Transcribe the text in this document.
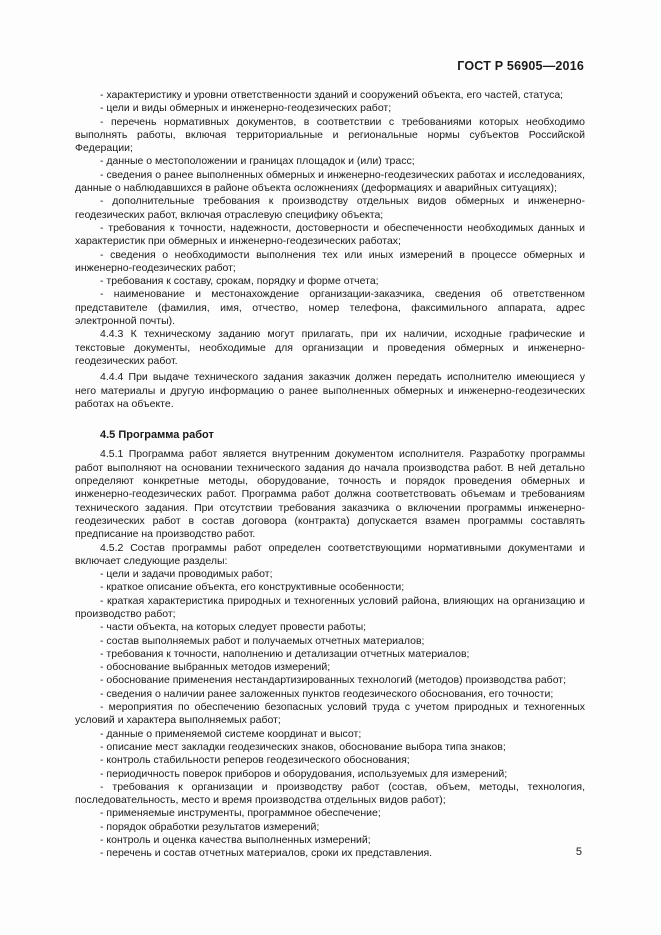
ГОСТ Р 56905—2016

- характеристику и уровни ответственности зданий и сооружений объекта, его частей, статуса;

- цели и виды обмерных и инженерно-геодезических работ;

- перечень нормативных документов, в соответствии с требованиями которых необходимо выполнять работы, включая территориальные и региональные нормы субъектов Российской Федерации;

- данные о местоположении и границах площадок и (или) трасс;

- сведения о ранее выполненных обмерных и инженерно-геодезических работах и исследованиях, данные о наблюдавшихся в районе объекта осложнениях (деформациях и аварийных ситуациях);

- дополнительные требования к производству отдельных видов обмерных и инженерно-геодезических работ, включая отраслевую специфику объекта;

- требования к точности, надежности, достоверности и обеспеченности необходимых данных и характеристик при обмерных и инженерно-геодезических работах;

- сведения о необходимости выполнения тех или иных измерений в процессе обмерных и инженерно-геодезических работ;

- требования к составу, срокам, порядку и форме отчета;

- наименование и местонахождение организации-заказчика, сведения об ответственном представителе (фамилия, имя, отчество, номер телефона, факсимильного аппарата, адрес электронной почты).

4.4.3 К техническому заданию могут прилагать, при их наличии, исходные графические и текстовые документы, необходимые для организации и проведения обмерных и инженерно-геодезических работ.

4.4.4 При выдаче технического задания заказчик должен передать исполнителю имеющиеся у него материалы и другую информацию о ранее выполненных обмерных и инженерно-геодезических работах на объекте.

4.5 Программа работ

4.5.1 Программа работ является внутренним документом исполнителя. Разработку программы работ выполняют на основании технического задания до начала производства работ. В ней детально определяют конкретные методы, оборудование, точность и порядок проведения обмерных и инженерно-геодезических работ. Программа работ должна соответствовать объемам и требованиям технического задания. При отсутствии требования заказчика о включении программы инженерно-геодезических работ в состав договора (контракта) допускается взамен программы составлять предписание на производство работ.

4.5.2 Состав программы работ определен соответствующими нормативными документами и включает следующие разделы:

- цели и задачи проводимых работ;

- краткое описание объекта, его конструктивные особенности;

- краткая характеристика природных и техногенных условий района, влияющих на организацию и производство работ;

- части объекта, на которых следует провести работы;

- состав выполняемых работ и получаемых отчетных материалов;

- требования к точности, наполнению и детализации отчетных материалов;

- обоснование выбранных методов измерений;

- обоснование применения нестандартизированных технологий (методов) производства работ;

- сведения о наличии ранее заложенных пунктов геодезического обоснования, его точности;

- мероприятия по обеспечению безопасных условий труда с учетом природных и техногенных условий и характера выполняемых работ;

- данные о применяемой системе координат и высот;

- описание мест закладки геодезических знаков, обоснование выбора типа знаков;

- контроль стабильности реперов геодезического обоснования;

- периодичность поверок приборов и оборудования, используемых для измерений;

- требования к организации и производству работ (состав, объем, методы, технология, последовательность, место и время производства отдельных видов работ);

- применяемые инструменты, программное обеспечение;

- порядок обработки результатов измерений;

- контроль и оценка качества выполненных измерений;

- перечень и состав отчетных материалов, сроки их представления.	5
